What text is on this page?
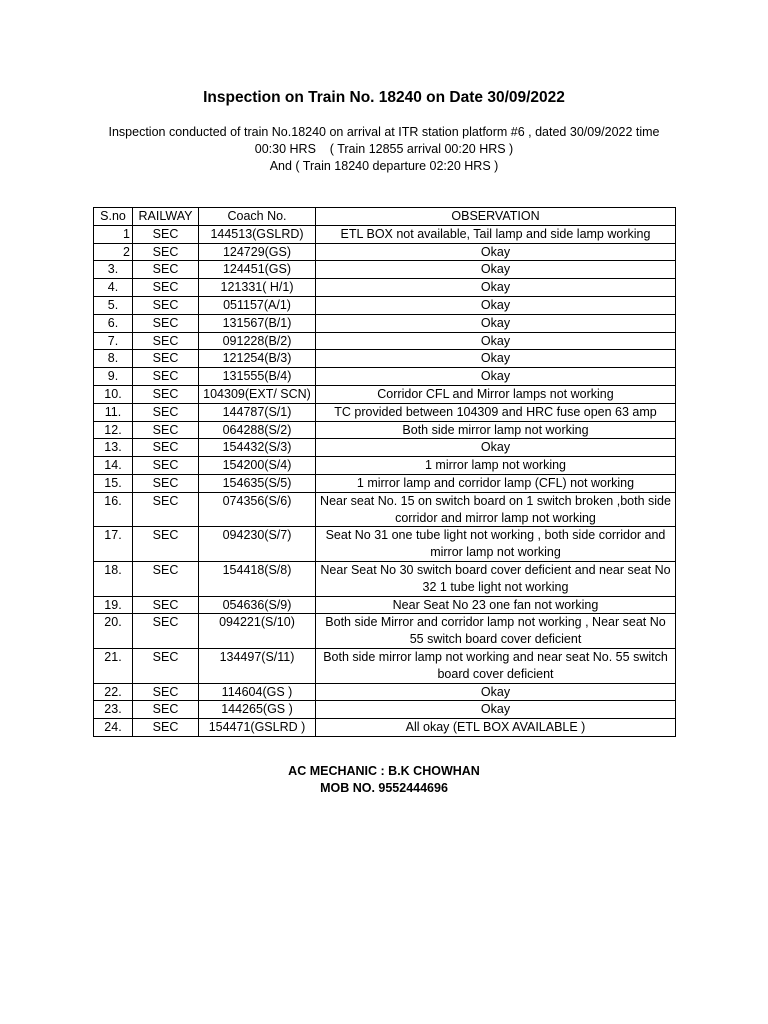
Inspection on Train No. 18240 on Date 30/09/2022
Inspection conducted of train No.18240 on arrival at ITR station platform #6 , dated 30/09/2022 time
00:30 HRS    ( Train 12855 arrival 00:20 HRS )
And ( Train 18240 departure 02:20 HRS )
S.no	RAILWAY	Coach No.	OBSERVATION
1	SEC	144513(GSLRD)	ETL BOX not available, Tail lamp and side lamp working
2	SEC	124729(GS)	Okay
3.	SEC	124451(GS)	Okay
4.	SEC	121331( H/1)	Okay
5.	SEC	051157(A/1)	Okay
6.	SEC	131567(B/1)	Okay
7.	SEC	091228(B/2)	Okay
8.	SEC	121254(B/3)	Okay
9.	SEC	131555(B/4)	Okay
10.	SEC	104309(EXT/ SCN)	Corridor CFL and Mirror lamps not working
11.	SEC	144787(S/1)	TC provided between 104309 and HRC fuse open 63 amp
12.	SEC	064288(S/2)	Both side mirror lamp not working
13.	SEC	154432(S/3)	Okay
14.	SEC	154200(S/4)	1 mirror lamp not working
15.	SEC	154635(S/5)	1 mirror lamp and corridor lamp (CFL) not working
16.	SEC	074356(S/6)	Near seat No. 15 on switch board on 1 switch broken ,both side corridor and mirror lamp not working
17.	SEC	094230(S/7)	Seat No 31 one tube light not working , both side corridor and mirror lamp not working
18.	SEC	154418(S/8)	Near Seat No 30 switch board cover deficient and near seat No 32 1 tube light not working
19.	SEC	054636(S/9)	Near Seat No 23 one fan not working
20.	SEC	094221(S/10)	Both side Mirror and corridor lamp not working , Near seat No 55 switch board cover deficient
21.	SEC	134497(S/11)	Both side mirror lamp not working and near seat No. 55 switch board cover deficient
22.	SEC	114604(GS )	Okay
23.	SEC	144265(GS )	Okay
24.	SEC	154471(GSLRD )	All okay (ETL BOX AVAILABLE )
AC MECHANIC : B.K CHOWHAN
MOB NO. 9552444696
